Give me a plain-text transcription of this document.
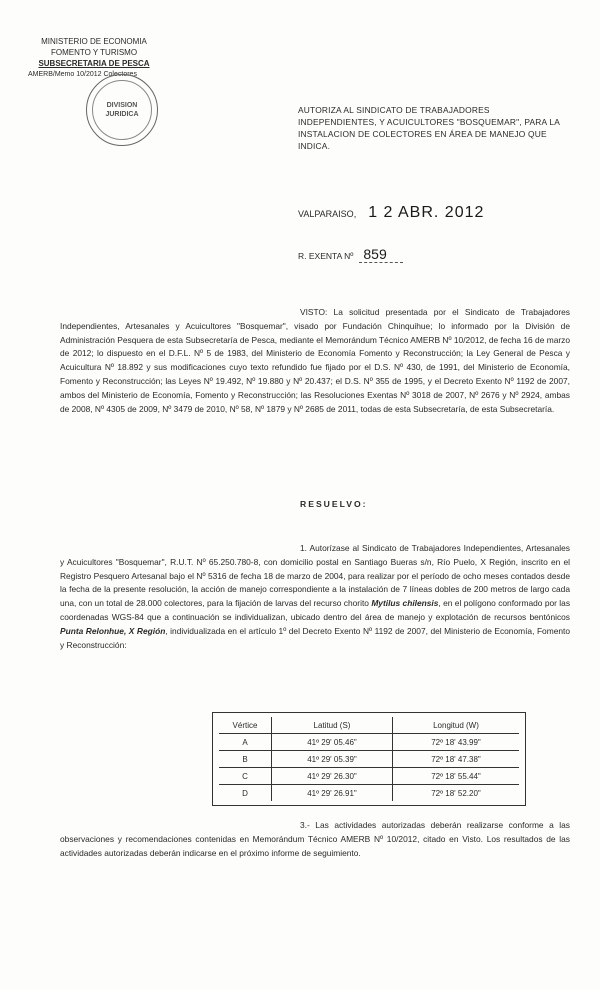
MINISTERIO DE ECONOMIA
FOMENTO Y TURISMO
SUBSECRETARIA DE PESCA
AMERB/Memo 10/2012 Colectores
DIVISION
JURIDICA	AUTORIZA AL SINDICATO DE TRABAJADORES INDEPENDIENTES, Y ACUICULTORES "BOSQUEMAR", PARA LA INSTALACION DE COLECTORES EN ÁREA DE MANEJO QUE INDICA.
VALPARAISO, 1 2 ABR. 2012
R. EXENTA Nº 859
VISTO: La solicitud presentada por el Sindicato de Trabajadores Independientes, Artesanales y Acuicultores "Bosquemar", visado por Fundación Chinquihue; lo informado por la División de Administración Pesquera de esta Subsecretaría de Pesca, mediante el Memorándum Técnico AMERB Nº 10/2012, de fecha 16 de marzo de 2012; lo dispuesto en el D.F.L. Nº 5 de 1983, del Ministerio de Economía Fomento y Reconstrucción; la Ley General de Pesca y Acuicultura Nº 18.892 y sus modificaciones cuyo texto refundido fue fijado por el D.S. Nº 430, de 1991, del Ministerio de Economía, Fomento y Reconstrucción; las Leyes Nº 19.492, Nº 19.880 y Nº 20.437; el D.S. Nº 355 de 1995, y el Decreto Exento Nº 1192 de 2007, ambos del Ministerio de Economía, Fomento y Reconstrucción; las Resoluciones Exentas Nº 3018 de 2007, Nº 2676 y Nº 2924, ambas de 2008, Nº 4305 de 2009, Nº 3479 de 2010, Nº 58, Nº 1879 y Nº 2685 de 2011, todas de esta Subsecretaría, de esta Subsecretaría.
RESUELVO:
1. Autorízase al Sindicato de Trabajadores Independientes, Artesanales y Acuicultores "Bosquemar", R.U.T. Nº 65.250.780-8, con domicilio postal en Santiago Bueras s/n, Río Puelo, X Región, inscrito en el Registro Pesquero Artesanal bajo el Nº 5316 de fecha 18 de marzo de 2004, para realizar por el período de ocho meses contados desde la fecha de la presente resolución, la acción de manejo correspondiente a la instalación de 7 líneas dobles de 200 metros de largo cada una, con un total de 28.000 colectores, para la fijación de larvas del recurso chorito Mytilus chilensis, en el polígono conformado por las coordenadas WGS-84 que a continuación se individualizan, ubicado dentro del área de manejo y explotación de recursos bentónicos Punta Relonhue, X Región, individualizada en el artículo 1º del Decreto Exento Nº 1192 de 2007, del Ministerio de Economía, Fomento y Reconstrucción:
Vértice	Latitud (S)	Longitud (W)
A	41º 29' 05.46"	72º 18' 43.99"
B	41º 29' 05.39"	72º 18' 47.38"
C	41º 29' 26.30"	72º 18' 55.44"
D	41º 29' 26.91"	72º 18' 52.20"
3.- Las actividades autorizadas deberán realizarse conforme a las observaciones y recomendaciones contenidas en Memorándum Técnico AMERB Nº 10/2012, citado en Visto. Los resultados de las actividades autorizadas deberán indicarse en el próximo informe de seguimiento.
